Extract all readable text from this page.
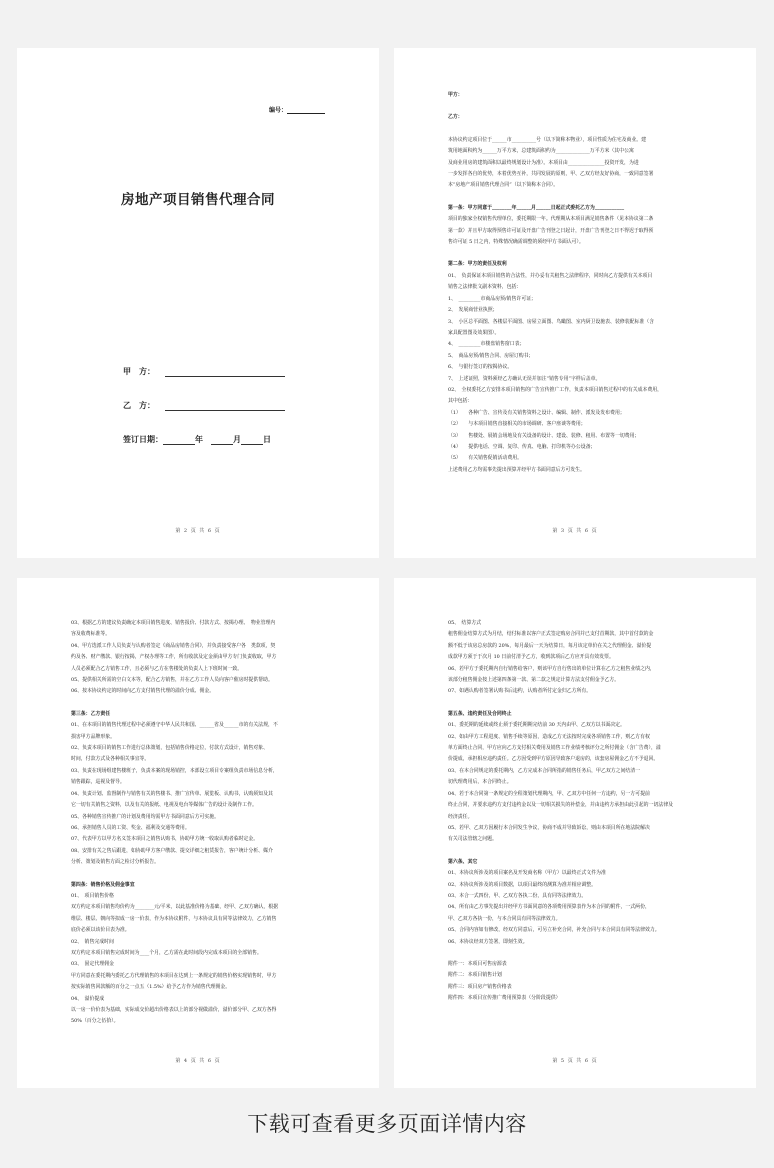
编号：
房地产项目销售代理合同
甲　方：
乙　方：
签订日期：	年	月	日
第 2 页 共 6 页

甲方：

乙方：

本协议约定项目位于______市__________号（以下简称本物业），项目性质为住宅及商业。建

筑用地面积约为______万平方米，总建筑面积约为______________万平方米（其中公寓

及商业用房的建筑面积以最终规划设计为准）。本项目由_______________投资开发，为进

一步发挥各自的优势，本着优势互补，共同发展的原则，甲、乙双方经友好协商，一致同意签署

本“房地产项目销售代理合同”（以下简称本合同）。

第一条：甲方同意于________年______月______日起正式委托乙方为____________

项目的独家全权销售代理单位，委托期限一年。代理期从本项目满足销售条件（见本协议第二条

第一款）并且甲方取得预售许可证及开盘广告刊登之日起计，开盘广告刊登之日不得迟于取得预

售许可证 5 日之内，特殊情况确需调整的须经甲方书面认可）。

第二条：甲方的责任及权利

01、　负责保证本项目销售的合法性，并办妥有关租售之法律程序，同时向乙方提供有关本项目

销售之法律批文副本资料，包括：

1、　_________市商品房预/销售许可证；

2、　发展商营业执照；

3、　小区总平面图、各楼层平面图、房屋立面图、鸟瞰图、室内厨卫设施表、装修装配标准（含

家具配置图及效果图）。

4、　_________市楼盘销售窗口表；

5、　商品房预/销售合同、房屋订购书；

6、　与银行签订的按揭协议。

7、　上述证照，资料须经乙方确认无误并加注“销售专用”字样后盖章。

02、　全权委托乙方安排本项目销售的广告宣传推广工作，负责本项目销售过程中的有关成本费用，

其中包括：

（1）　　各种广告、宣传及有关销售资料之设计、编辑、制作、派发及发布费用；

（2）　　与本项目销售直接相关的市场调研、客户座谈等费用；

（3）　　售楼处、展销会场地及有关设备的设计、建设、装修、租用、布置等一切费用；

（4）　　提供电话、空调、复印、传真、电脑、打印机等办公设备；

（5）　　有关销售促销活动费用。

上述费用乙方均需事先提出预算并经甲方书面同意后方可发生。

第 3 页 共 6 页

03、根据乙方的建议负责确定本项目销售进度、销售报价、付款方式、按揭办理、　物业管理内

容及收费标准等。

04、甲方选派工作人员负责与认购者签定《商品房销售合同》，并负责接受客户各　类款项，契

约及各、财产缴款、银行按揭，产权办理等工作，所有收款及定金须由甲方专门负责收取，甲方

人员必须配合乙方销售工作，且必须与乙方在售楼处的负责人上下班时间一致。

05、提供相关所需的空白文本等，配合乙方销售，并在乙方工作人员向客户催房时提供帮助。

06、按本协议约定的时间向乙方支付销售代理的溢价分成、佣金。

第三条：乙方责任

01、在本项目的销售代理过程中必须遵守中华人民共和国、______省及______市的有关法规，不

损害甲方品牌形象。

02、负责本项目的销售工作进行总体策划，包括销售价格定位，付款方式设计，销售对象、

时间，付款方式及各种相关事宜等。

03、负责在现场组建售楼班子，负责本案的现场销控，本部设立项目专案组负责市场信息分析，

销售跟踪，巡视及督导。

04、负责计划、监督制作与销售有关的售楼书、推广宣传单、展览板、认购书，认购须知及其

它一切有关销售之资料，以及有关的报纸、电视及电台等媒体广告的设计及制作工作。

05、各种销售宣传推广的计划及费用均需甲方书面同意后方可实施。

06、承担销售人员的工资、奖金、福利及交通等费用。

07、代表甲方以甲方名义签本项目之销售认购书，协助甲方统一收取认购者临时定金。

08、安排有关之售后跟进，如协助甲方客户缴款、提交详细之租赁报告，客户统计分析、媒介

分析、策划及销售方面之检讨分析报告。

第四条：销售价格及佣金事宜

01、　项目销售价格

双方约定本项目销售均价约为________元/平米，以此基准价格为基础，经甲、乙双方确认，根据

维层、楼层、朝向等拟成一房一价表，作为本协议附件，与本协议具有同等法律效力，乙方销售

底价必须以该价目表为准。

02、　销售完成时间

双方约定本项目销售完成时间为____个月，乙方需在此时间段内完成本项目的全部销售。

03、　固定代理佣金

甲方同意在委托期内委托乙方代理销售的本项目在达到上一条规定的销售价格实现销售时，甲方

按实际销售回款额的百分之一点五（1.5%）给予乙方作为销售代理佣金。

04、　溢价提成

以一房一价价表为基础，实际成交价超出价格表以上的部分视做溢价，溢价部分甲、乙双方各得

50%（百分之伍拾）。

第 4 页 共 6 页

05、　结算方式

租售佣金结算方式为月结，结付标准以客户正式签定购房合同并已支付首期款，其中首付款的金

额不低于该房总房款的 20%，每月最后一天为结算日，每月该定单价在关之代理佣金、溢价提

成款甲方须于于次月 10 日前付清予乙方，收到款项后乙方应开具有效发票。

06、若甲方于委托期内自行销售给客户，则该甲方自行售出的单位计算在乙方之租售业绩之内，

该部分租售佣金按上述第四条第一款、第二款之规定计算方法支付佣金予乙方。

07、如遇认购者签署认购书后违约，认购者所付定金归乙方所有。

第五条、违约责任及合同终止

01、委托期的延续或终止须于委托期期完结前 30 天内由甲、乙双方以书面决定。

02、如由甲方工程进度、销售手续等原因，造成乙方无法按时完成各项销售工作，则乙方有权

单方面终止合同，甲方应向乙方支付相关费用及销售工作业绩考核评分之所付佣金（含广告费），溢

价提成，承担相应违约责任。乙方因受到甲方原因导致客户退房的，该套房屋佣金乙方不予退回。

03、在本合同规定的委托期内，乙方完成本合同所指的销售任务后，甲乙双方之间结清一

切代理费用后，本合同终止。

04、若于本合同第一条规定的全程策划代理期内，甲、乙双方中任何一方违约，另一方可提前

终止合同，并要求违约方支付违约金以及一切相关损失的补偿金，并由违约方承担由此引起的一切法律及

经济责任。

05、若甲、乙双方因履行本合同发生争议，协商不成并导致诉讼，则由本项目所在地法院解决

有关司法管辖之问题。

第六条、其它

01、本协议所涉及的项目案名及开发商名称（甲方）以最终正式文件为准

02、本协议所涉及的项目数据，以项目最终的测算为准并相应调整。

03、本合一式四份，甲、乙双方各执二份，具有同等法律效力。

04、所有由乙方事先提出并经甲方书面同意的各项费用预算表作为本合同的附件，一式两份，

甲、乙双方各执一份，与本合同具有同等法律效力。

05、合同内容如有修改，经双方同意后，可另立补充合同，补充合同与本合同具有同等法律效力。

06、本协议经双方签署，即刻生效。

附件一：本项目可售房源表

附件二：本项目销售计划

附件三：项目房产销售价格表

附件四：本项目宣传推广费用预算表（分阶段提供）

第 5 页 共 6 页
下载可查看更多页面详情内容
